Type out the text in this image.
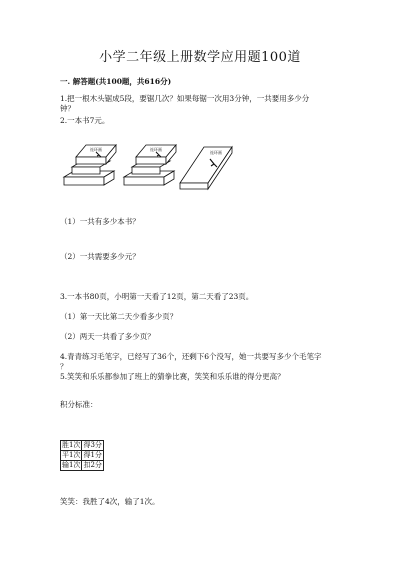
小学二年级上册数学应用题100道
一. 解答题(共100题，共616分)
1.把一根木头锯成5段，要锯几次？如果每锯一次用3分钟，一共要用多少分
钟？
2.一本书7元。
连环画	连环画
连环画
（1）一共有多少本书？
（2）一共需要多少元？
3.一本书80页，小明第一天看了12页，第二天看了23页。
（1）第一天比第二天少看多少页？
（2）两天一共看了多少页？
4.青青练习毛笔字，已经写了36个，还剩下6个没写，她一共要写多少个毛笔字
？
5.笑笑和乐乐都参加了班上的猜拳比赛，笑笑和乐乐谁的得分更高？
积分标准：
胜1次	得3分
平1次	得1分
输1次	扣2分
笑笑：我胜了4次，输了1次。
